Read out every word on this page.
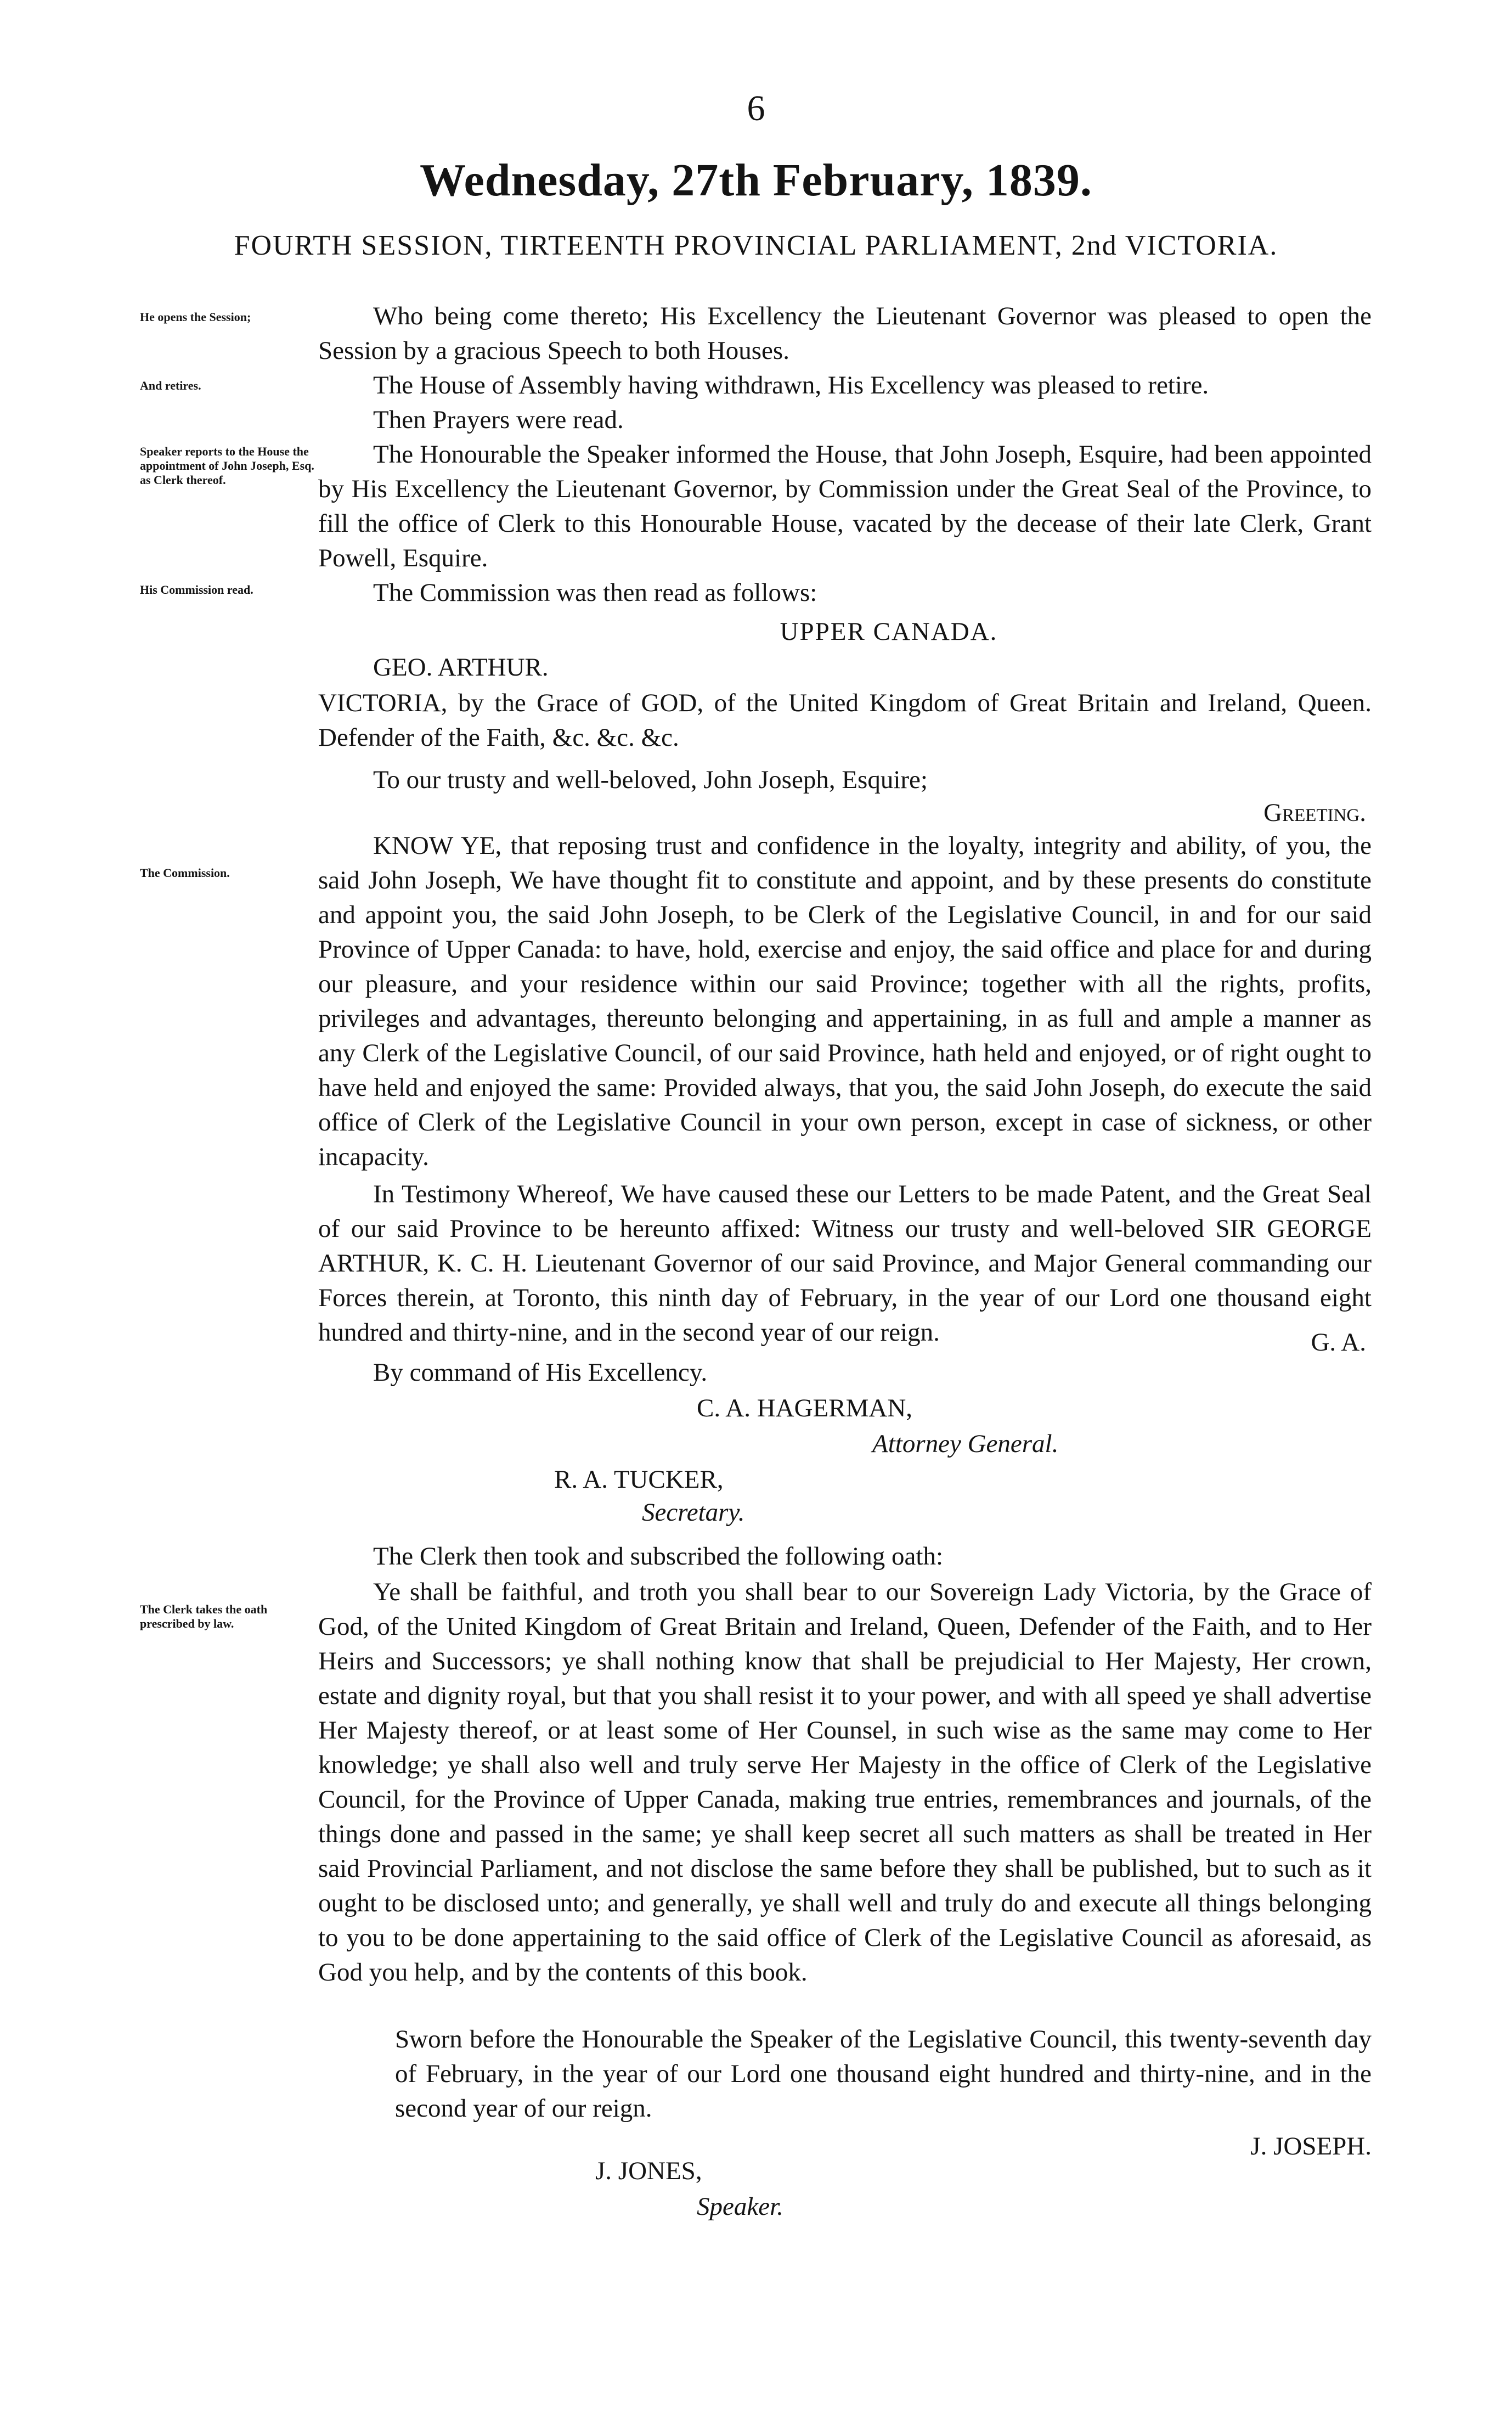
6
Wednesday, 27th February, 1839.
FOURTH SESSION, TIRTEENTH PROVINCIAL PARLIAMENT, 2nd VICTORIA.
He opens the Session;
And retires.
Speaker reports to the House the appointment of John Joseph, Esq. as Clerk thereof.
His Commission read.
The Commission.
The Clerk takes the oath prescribed by law.

Who being come thereto; His Excellency the Lieutenant Governor was pleased to open the Session by a gracious Speech to both Houses.

The House of Assembly having withdrawn, His Excellency was pleased to retire.

Then Prayers were read.

The Honourable the Speaker informed the House, that John Joseph, Esquire, had been appointed by His Excellency the Lieutenant Governor, by Commission under the Great Seal of the Province, to fill the office of Clerk to this Honourable House, vacated by the decease of their late Clerk, Grant Powell, Esquire.

The Commission was then read as follows:

UPPER CANADA.
GEO. ARTHUR.

VICTORIA, by the Grace of GOD, of the United Kingdom of Great Britain and Ireland, Queen. Defender of the Faith, &c. &c. &c.

To our trusty and well-beloved, John Joseph, Esquire;
Greeting.

KNOW YE, that reposing trust and confidence in the loyalty, integrity and ability, of you, the said John Joseph, We have thought fit to constitute and appoint, and by these presents do constitute and appoint you, the said John Joseph, to be Clerk of the Legislative Council, in and for our said Province of Upper Canada: to have, hold, exercise and enjoy, the said office and place for and during our pleasure, and your residence within our said Province; together with all the rights, profits, privileges and advantages, thereunto belonging and appertaining, in as full and ample a manner as any Clerk of the Legislative Council, of our said Province, hath held and enjoyed, or of right ought to have held and enjoyed the same: Provided always, that you, the said John Joseph, do execute the said office of Clerk of the Legislative Council in your own person, except in case of sickness, or other incapacity.

In Testimony Whereof, We have caused these our Letters to be made Patent, and the Great Seal of our said Province to be hereunto affixed: Witness our trusty and well-beloved SIR GEORGE ARTHUR, K. C. H. Lieutenant Governor of our said Province, and Major General commanding our Forces therein, at Toronto, this ninth day of February, in the year of our Lord one thousand eight hundred and thirty-nine, and in the second year of our reign.	G. A.
By command of His Excellency.
C. A. HAGERMAN,
Attorney General.
R. A. TUCKER,
Secretary.
The Clerk then took and subscribed the following oath:

Ye shall be faithful, and troth you shall bear to our Sovereign Lady Victoria, by the Grace of God, of the United Kingdom of Great Britain and Ireland, Queen, Defender of the Faith, and to Her Heirs and Successors; ye shall nothing know that shall be prejudicial to Her Majesty, Her crown, estate and dignity royal, but that you shall resist it to your power, and with all speed ye shall advertise Her Majesty thereof, or at least some of Her Counsel, in such wise as the same may come to Her knowledge; ye shall also well and truly serve Her Majesty in the office of Clerk of the Legislative Council, for the Province of Upper Canada, making true entries, remembrances and journals, of the things done and passed in the same; ye shall keep secret all such matters as shall be treated in Her said Provincial Parliament, and not disclose the same before they shall be published, but to such as it ought to be disclosed unto; and generally, ye shall well and truly do and execute all things belonging to you to be done appertaining to the said office of Clerk of the Legislative Council as aforesaid, as God you help, and by the contents of this book.

Sworn before the Honourable the Speaker of the Legislative Council, this twenty-seventh day of February, in the year of our Lord one thousand eight hundred and thirty-nine, and in the second year of our reign.
J. JOSEPH.
J. JONES,
Speaker.
